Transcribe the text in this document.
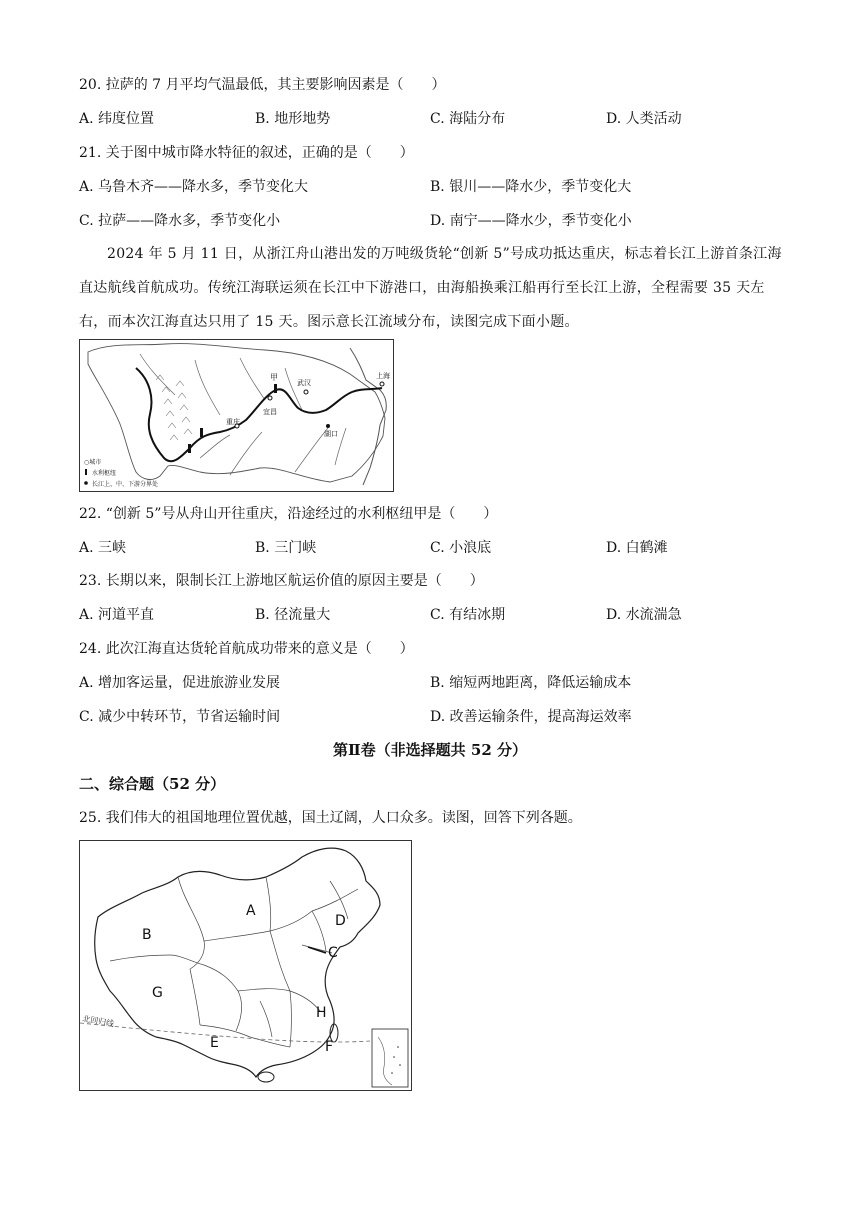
20. 拉萨的 7 月平均气温最低，其主要影响因素是（　　）
A. 纬度位置	B. 地形地势	C. 海陆分布	D. 人类活动
21. 关于图中城市降水特征的叙述，正确的是（　　）
A. 乌鲁木齐——降水多，季节变化大	B. 银川——降水少，季节变化大
C. 拉萨——降水多，季节变化小	D. 南宁——降水少，季节变化小
2024 年 5 月 11 日，从浙江舟山港出发的万吨级货轮“创新 5”号成功抵达重庆，标志着长江上游首条江海直达航线首航成功。传统江海联运须在长江中下游港口，由海船换乘江船再行至长江上游，全程需要 35 天左右，而本次江海直达只用了 15 天。图示意长江流域分布，读图完成下面小题。
甲
武汉
重庆
宜昌
湖口
上海
○城市
水利枢纽
长江上、中、下游分界处
22. “创新 5”号从舟山开往重庆，沿途经过的水利枢纽甲是（　　）
A. 三峡	B. 三门峡	C. 小浪底	D. 白鹤滩
23. 长期以来，限制长江上游地区航运价值的原因主要是（　　）
A. 河道平直	B. 径流量大	C. 有结冰期	D. 水流湍急
24. 此次江海直达货轮首航成功带来的意义是（　　）
A. 增加客运量，促进旅游业发展	B. 缩短两地距离，降低运输成本
C. 减少中转环节，节省运输时间	D. 改善运输条件，提高海运效率
第Ⅱ卷（非选择题共 52 分）
二、综合题（52 分）
25. 我们伟大的祖国地理位置优越，国土辽阔，人口众多。读图，回答下列各题。
北回归线
A
B
C
D
E	F
G
H
